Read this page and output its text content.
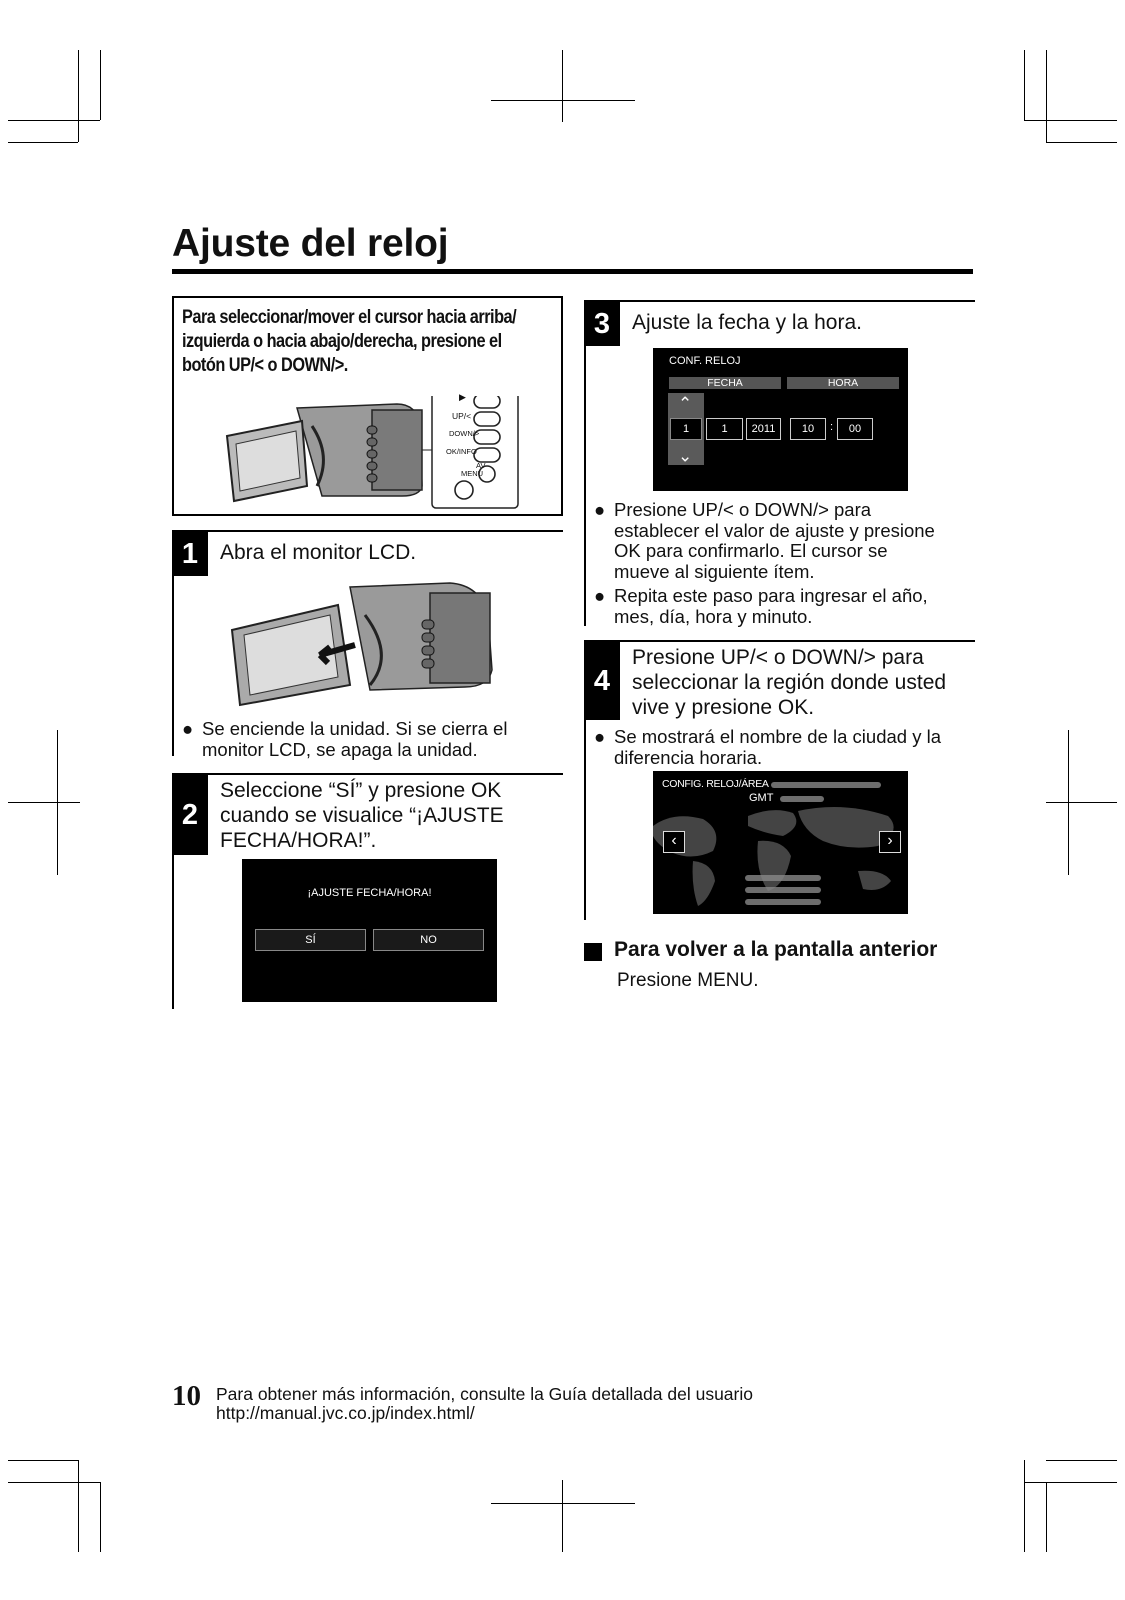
Ajuste del reloj
Para seleccionar/mover el cursor hacia arriba/
izquierda o hacia abajo/derecha, presione el
botón UP/< o DOWN/>.
▶
UP/<
DOWN/>
OK/INFO
AV
MENU
1	Abra el monitor LCD.
● Se enciende la unidad. Si se cierra el
monitor LCD, se apaga la unidad.
2
Seleccione “SÍ” y presione OK
cuando se visualice “¡AJUSTE
FECHA/HORA!”.
¡AJUSTE FECHA/HORA!
SÍ	NO
3	Ajuste la fecha y la hora.
CONF. RELOJ
FECHA	HORA
⌃
⌃
1	1	2011	10	:	00
● Presione UP/< o DOWN/> para
establecer el valor de ajuste y presione
OK para confirmarlo. El cursor se
mueve al siguiente ítem.
● Repita este paso para ingresar el año,
mes, día, hora y minuto.
4
Presione UP/< o DOWN/> para
seleccionar la región donde usted
vive y presione OK.
● Se mostrará el nombre de la ciudad y la
diferencia horaria.
CONFIG. RELOJ/ÁREA
GMT
‹	›
Para volver a la pantalla anterior
Presione MENU.
10 Para obtener más información, consulte la Guía detallada del usuario
http://manual.jvc.co.jp/index.html/
